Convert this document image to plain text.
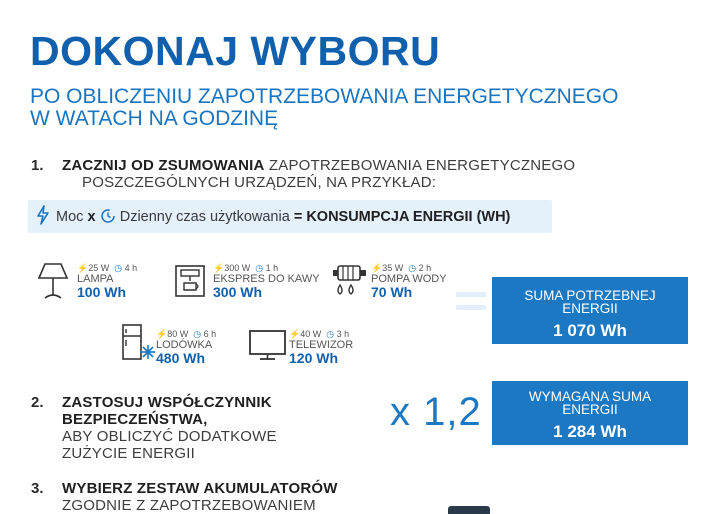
DOKONAJ WYBORU
PO OBLICZENIU ZAPOTRZEBOWANIA ENERGETYCZNEGO
W WATACH NA GODZINĘ
1. ZACZNIJ OD ZSUMOWANIA ZAPOTRZEBOWANIA ENERGETYCZNEGO
POSZCZEGÓLNYCH URZĄDZEŃ, NA PRZYKŁAD:
Moc x Dzienny czas użytkowania = KONSUMPCJA ENERGII (WH)
⚡25 W ◷ 4 h
LAMPA
100 Wh
⚡300 W ◷ 1 h
EKSPRES DO KAWY
300 Wh
⚡35 W ◷ 2 h
POMPA WODY
70 Wh
⚡80 W ◷ 6 h
LODÓWKA
480 Wh
⚡40 W ◷ 3 h
TELEWIZOR
120 Wh
SUMA POTRZEBNEJ
ENERGII
1 070 Wh
2. ZASTOSUJ WSPÓŁCZYNNIK
BEZPIECZEŃSTWA,
ABY OBLICZYĆ DODATKOWE
ZUŻYCIE ENERGII
x 1,2	WYMAGANA SUMA
ENERGII
1 284 Wh
3. WYBIERZ ZESTAW AKUMULATORÓW
ZGODNIE Z ZAPOTRZEBOWANIEM
